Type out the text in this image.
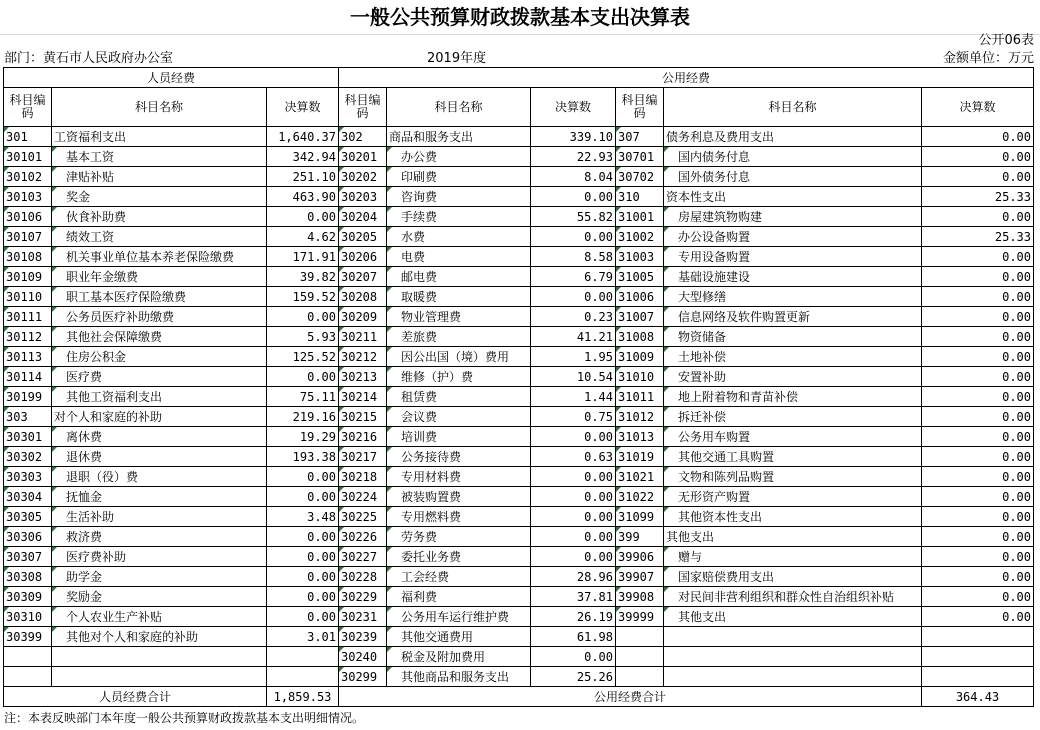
一般公共预算财政拨款基本支出决算表
公开06表
部门：黄石市人民政府办公室	2019年度	金额单位：万元
人员经费			公用经费					
科目编码	科目名称	决算数	科目编码	科目名称	决算数	科目编码	科目名称	决算数
301	工资福利支出	1,640.37	302	商品和服务支出	339.10	307	债务利息及费用支出	0.00
30101	基本工资	342.94	30201	办公费	22.93	30701	国内债务付息	0.00
30102	津贴补贴	251.10	30202	印刷费	8.04	30702	国外债务付息	0.00
30103	奖金	463.90	30203	咨询费	0.00	310	资本性支出	25.33
30106	伙食补助费	0.00	30204	手续费	55.82	31001	房屋建筑物购建	0.00
30107	绩效工资	4.62	30205	水费	0.00	31002	办公设备购置	25.33
30108	机关事业单位基本养老保险缴费	171.91	30206	电费	8.58	31003	专用设备购置	0.00
30109	职业年金缴费	39.82	30207	邮电费	6.79	31005	基础设施建设	0.00
30110	职工基本医疗保险缴费	159.52	30208	取暖费	0.00	31006	大型修缮	0.00
30111	公务员医疗补助缴费	0.00	30209	物业管理费	0.23	31007	信息网络及软件购置更新	0.00
30112	其他社会保障缴费	5.93	30211	差旅费	41.21	31008	物资储备	0.00
30113	住房公积金	125.52	30212	因公出国（境）费用	1.95	31009	土地补偿	0.00
30114	医疗费	0.00	30213	维修（护）费	10.54	31010	安置补助	0.00
30199	其他工资福利支出	75.11	30214	租赁费	1.44	31011	地上附着物和青苗补偿	0.00
303	对个人和家庭的补助	219.16	30215	会议费	0.75	31012	拆迁补偿	0.00
30301	离休费	19.29	30216	培训费	0.00	31013	公务用车购置	0.00
30302	退休费	193.38	30217	公务接待费	0.63	31019	其他交通工具购置	0.00
30303	退职（役）费	0.00	30218	专用材料费	0.00	31021	文物和陈列品购置	0.00
30304	抚恤金	0.00	30224	被装购置费	0.00	31022	无形资产购置	0.00
30305	生活补助	3.48	30225	专用燃料费	0.00	31099	其他资本性支出	0.00
30306	救济费	0.00	30226	劳务费	0.00	399	其他支出	0.00
30307	医疗费补助	0.00	30227	委托业务费	0.00	39906	赠与	0.00
30308	助学金	0.00	30228	工会经费	28.96	39907	国家赔偿费用支出	0.00
30309	奖励金	0.00	30229	福利费	37.81	39908	对民间非营利组织和群众性自治组织补贴	0.00
30310	个人农业生产补贴	0.00	30231	公务用车运行维护费	26.19	39999	其他支出	0.00
30399	其他对个人和家庭的补助	3.01	30239	其他交通费用	61.98			
			30240	税金及附加费用	0.00			
			30299	其他商品和服务支出	25.26			
人员经费合计		1,859.53	公用经费合计					364.43
注：本表反映部门本年度一般公共预算财政拨款基本支出明细情况。
